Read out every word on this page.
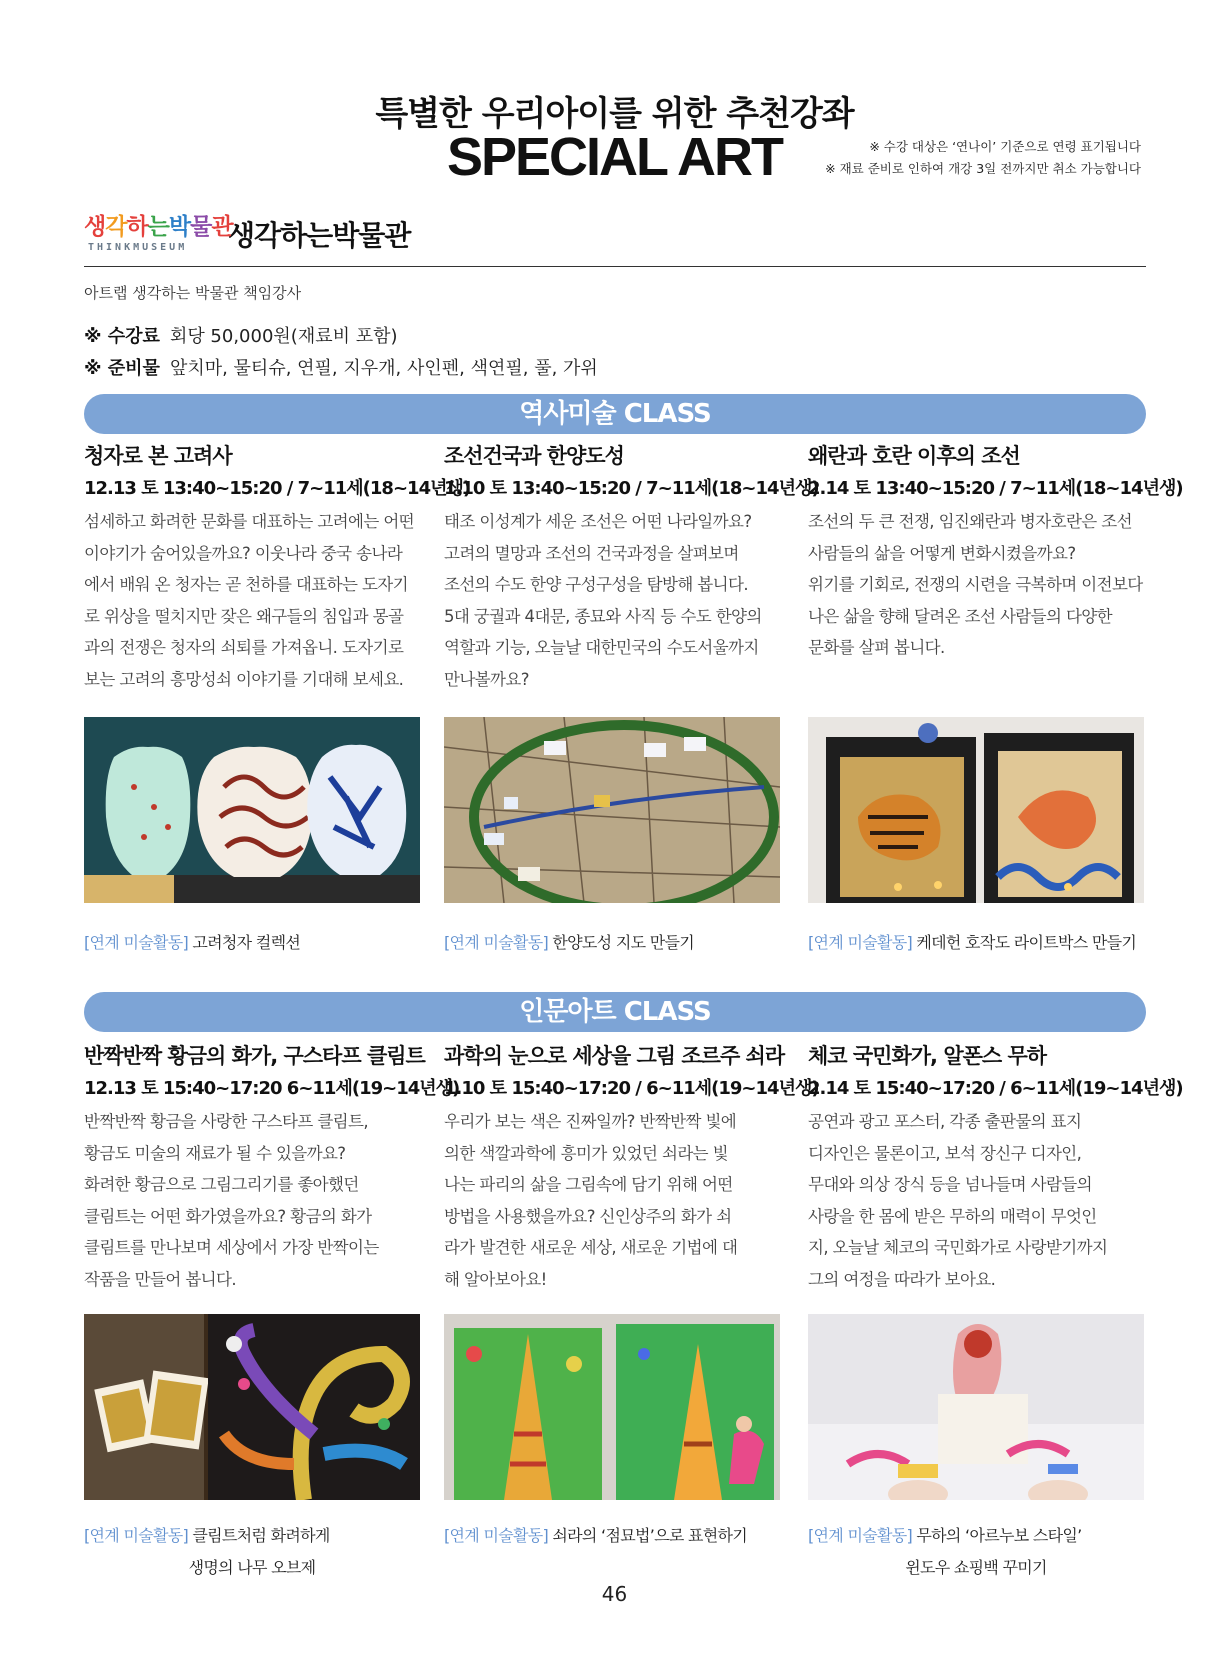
특별한 우리아이를 위한 추천강좌
SPECIAL ART	※ 수강 대상은 ‘연나이’ 기준으로 연령 표기됩니다
※ 재료 준비로 인하여 개강 3일 전까지만 취소 가능합니다
생각하는박물관
THINKMUSEUM 생각하는박물관
아트랩 생각하는 박물관 책임강사
※ 수강료 회당 50,000원(재료비 포함)
※ 준비물 앞치마, 물티슈, 연필, 지우개, 사인펜, 색연필, 풀, 가위
역사미술 CLASS
청자로 본 고려사
12.13 토 13:40~15:20 / 7~11세(18~14년생)
섬세하고 화려한 문화를 대표하는 고려에는 어떤
이야기가 숨어있을까요? 이웃나라 중국 송나라
에서 배워 온 청자는 곧 천하를 대표하는 도자기
로 위상을 떨치지만 잦은 왜구들의 침입과 몽골
과의 전쟁은 청자의 쇠퇴를 가져옵니. 도자기로
보는 고려의 흥망성쇠 이야기를 기대해 보세요.
조선건국과 한양도성
1.10 토 13:40~15:20 / 7~11세(18~14년생)
태조 이성계가 세운 조선은 어떤 나라일까요?
고려의 멸망과 조선의 건국과정을 살펴보며
조선의 수도 한양 구성구성을 탐방해 봅니다.
5대 궁궐과 4대문, 종묘와 사직 등 수도 한양의
역할과 기능, 오늘날 대한민국의 수도서울까지
만나볼까요?
왜란과 호란 이후의 조선
2.14 토 13:40~15:20 / 7~11세(18~14년생)
조선의 두 큰 전쟁, 임진왜란과 병자호란은 조선
사람들의 삶을 어떻게 변화시켰을까요?
위기를 기회로, 전쟁의 시련을 극복하며 이전보다
나은 삶을 향해 달려온 조선 사람들의 다양한
문화를 살펴 봅니다.
[연계 미술활동] 고려청자 컬렉션	[연계 미술활동] 한양도성 지도 만들기	[연계 미술활동] 케데헌 호작도 라이트박스 만들기
인문아트 CLASS
반짝반짝 황금의 화가, 구스타프 클림트
12.13 토 15:40~17:20 6~11세(19~14년생)
반짝반짝 황금을 사랑한 구스타프 클림트,
황금도 미술의 재료가 될 수 있을까요?
화려한 황금으로 그림그리기를 좋아했던
클림트는 어떤 화가였을까요? 황금의 화가
클림트를 만나보며 세상에서 가장 반짝이는
작품을 만들어 봅니다.
과학의 눈으로 세상을 그림 조르주 쇠라
1.10 토 15:40~17:20 / 6~11세(19~14년생)
우리가 보는 색은 진짜일까? 반짝반짝 빛에
의한 색깔과학에 흥미가 있었던 쇠라는 빛
나는 파리의 삶을 그림속에 담기 위해 어떤
방법을 사용했을까요? 신인상주의 화가 쇠
라가 발견한 새로운 세상, 새로운 기법에 대
해 알아보아요!
체코 국민화가, 알폰스 무하
2.14 토 15:40~17:20 / 6~11세(19~14년생)
공연과 광고 포스터, 각종 출판물의 표지
디자인은 물론이고, 보석 장신구 디자인,
무대와 의상 장식 등을 넘나들며 사람들의
사랑을 한 몸에 받은 무하의 매력이 무엇인
지, 오늘날 체코의 국민화가로 사랑받기까지
그의 여정을 따라가 보아요.
[연계 미술활동] 클림트처럼 화려하게
생명의 나무 오브제
[연계 미술활동] 쇠라의 ‘점묘법’으로 표현하기	[연계 미술활동] 무하의 ‘아르누보 스타일’
윈도우 쇼핑백 꾸미기
46
